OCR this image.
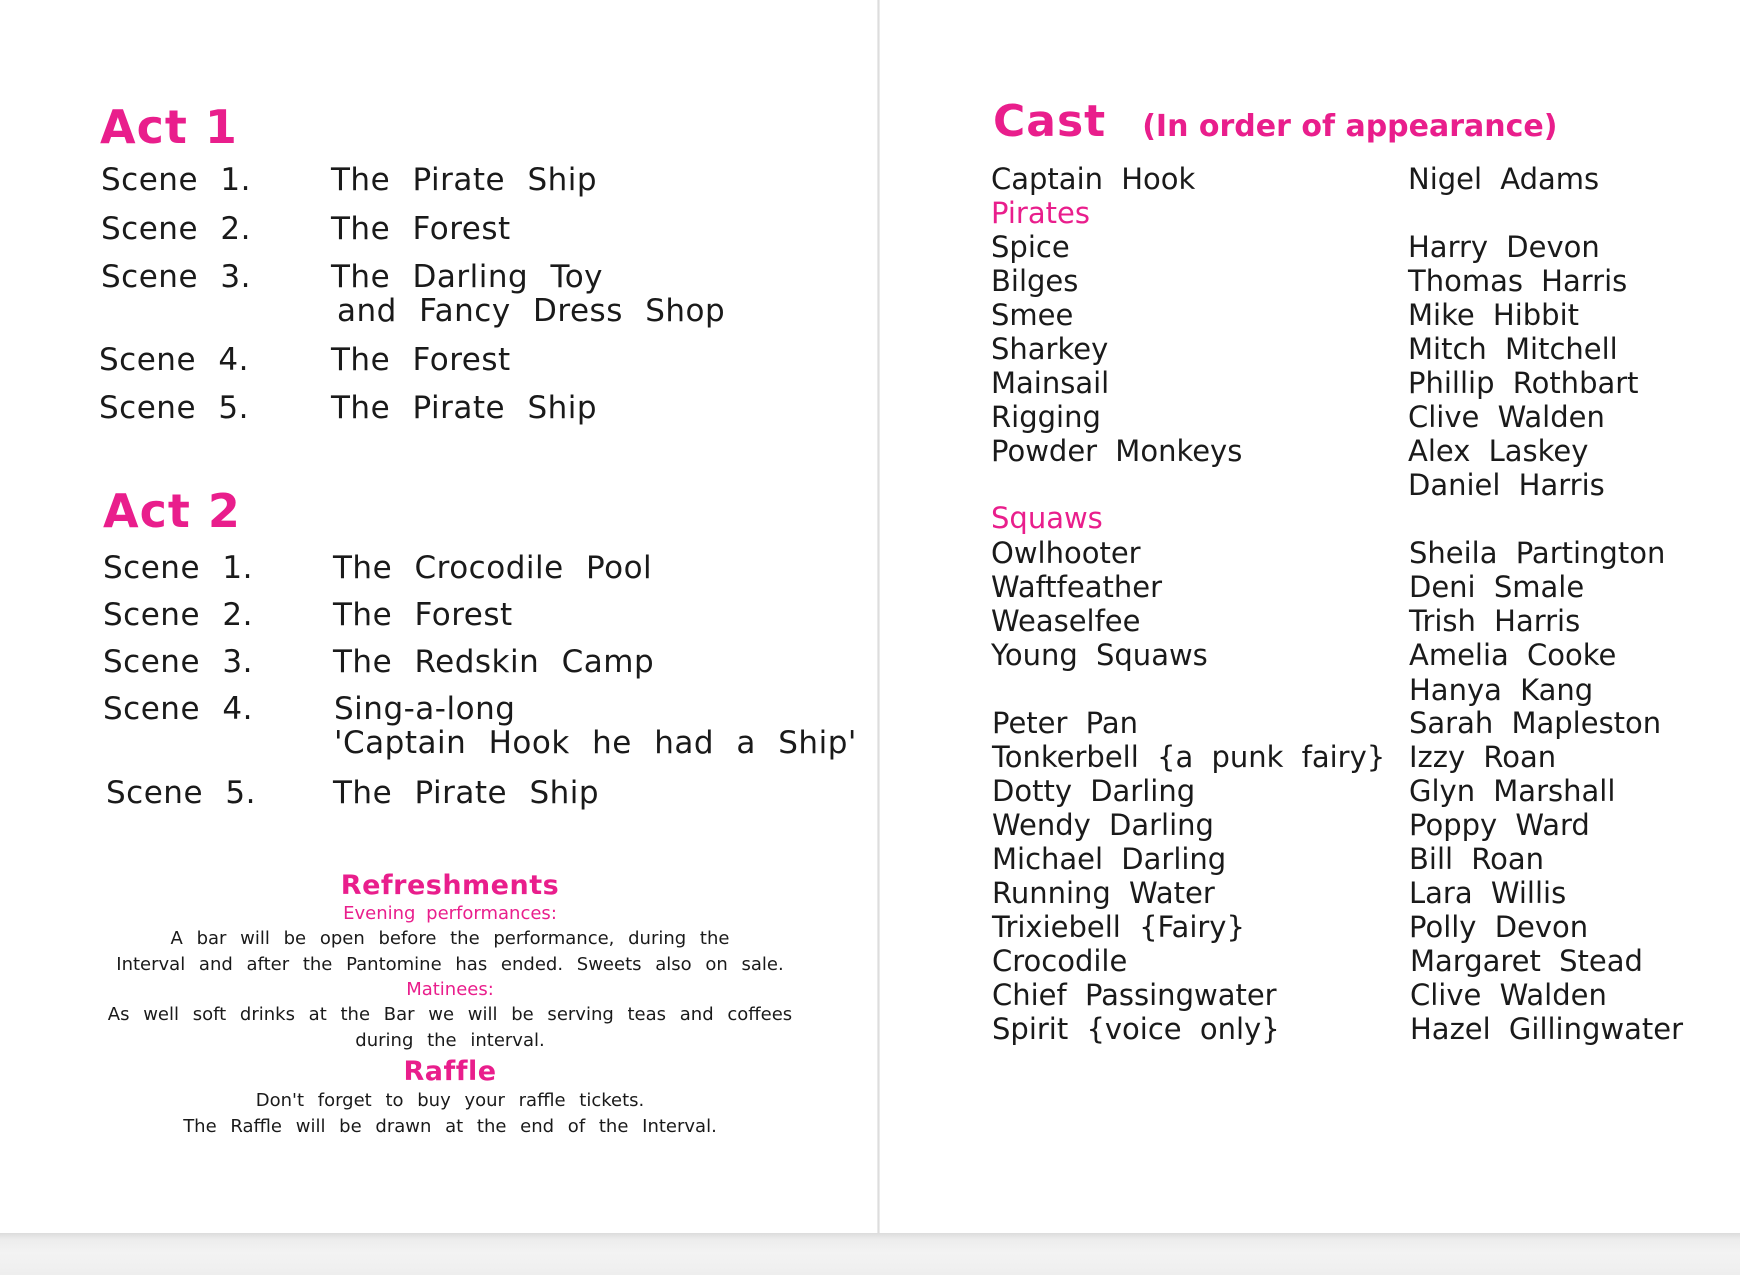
Act 1
Scene 1.	The Pirate Ship
Scene 2.	The Forest
Scene 3.	The Darling Toy
and Fancy Dress Shop
Scene 4.	The Forest
Scene 5.	The Pirate Ship
Act 2
Scene 1.	The Crocodile Pool
Scene 2.	The Forest
Scene 3.	The Redskin Camp
Scene 4.	Sing-a-long
'Captain Hook he had a Ship'
Scene 5. The Pirate Ship
Refreshments
Evening performances:
A bar will be open before the performance, during the
Interval and after the Pantomine has ended. Sweets also on sale.
Matinees:
As well soft drinks at the Bar we will be serving teas and coffees
during the interval.
Raffle
Don't forget to buy your raffle tickets.
The Raffle will be drawn at the end of the Interval.
Cast (In order of appearance)
Captain Hook	Nigel Adams
Pirates
Spice	Harry Devon
Bilges	Thomas Harris
Smee	Mike Hibbit
Sharkey	Mitch Mitchell
Mainsail	Phillip Rothbart
Rigging	Clive Walden
Powder Monkeys	Alex Laskey
Daniel Harris
Squaws
Owlhooter	Sheila Partington
Waftfeather	Deni Smale
Weaselfee	Trish Harris
Young Squaws	Amelia Cooke
Hanya Kang
Peter Pan	Sarah Mapleston
Tonkerbell {a punk fairy} Izzy Roan
Dotty Darling	Glyn Marshall
Wendy Darling	Poppy Ward
Michael Darling	Bill Roan
Running Water	Lara Willis
Trixiebell {Fairy}	Polly Devon
Crocodile	Margaret Stead
Chief Passingwater	Clive Walden
Spirit {voice only}	Hazel Gillingwater
